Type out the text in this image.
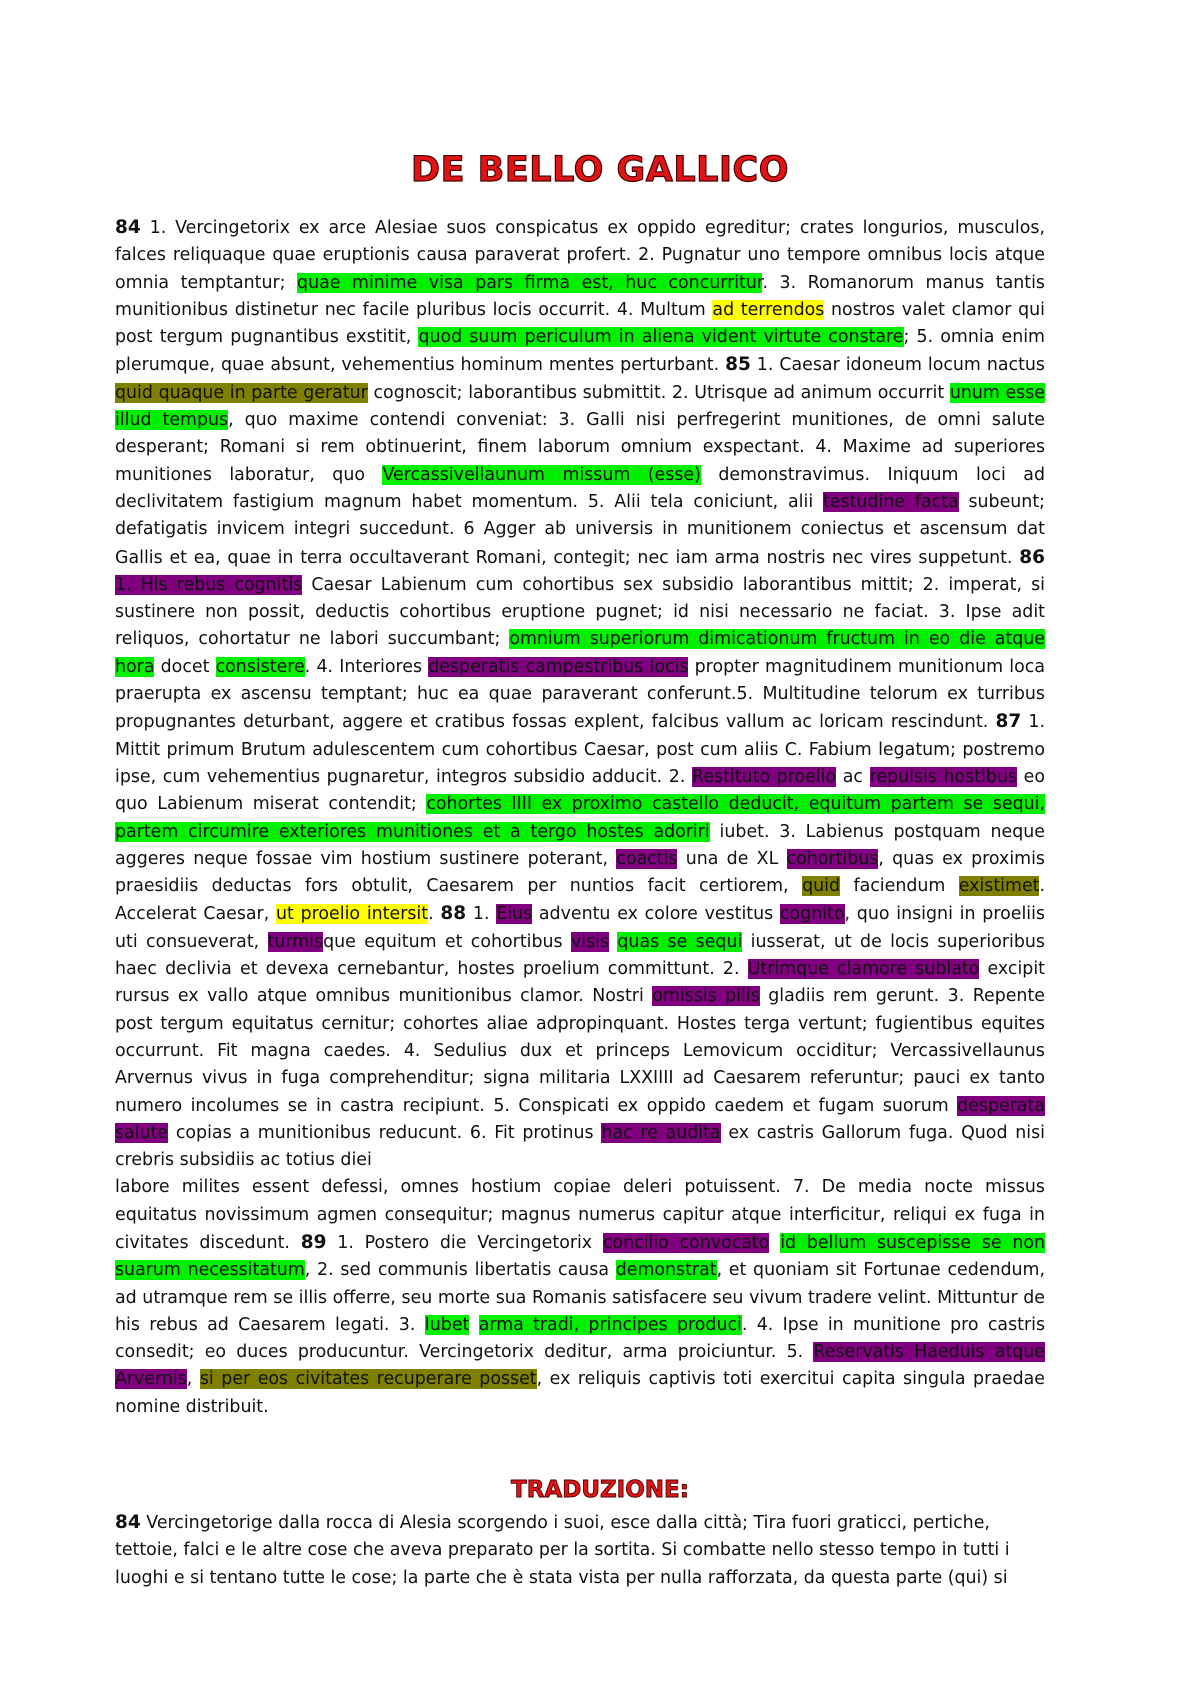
DE BELLO GALLICO

84 1. Vercingetorix ex arce Alesiae suos conspicatus ex oppido egreditur; crates longurios, musculos, falces reliquaque quae eruptionis causa paraverat profert. 2. Pugnatur uno tempore omnibus locis atque omnia temptantur; quae minime visa pars firma est, huc concurritur. 3. Romanorum manus tantis munitionibus distinetur nec facile pluribus locis occurrit. 4. Multum ad terrendos nostros valet clamor qui post tergum pugnantibus exstitit, quod suum periculum in aliena vident virtute constare; 5. omnia enim plerumque, quae absunt, vehementius hominum mentes perturbant. 85 1. Caesar idoneum locum nactus quid quaque in parte geratur cognoscit; laborantibus submittit. 2. Utrisque ad animum occurrit unum esse illud tempus, quo maxime contendi conveniat: 3. Galli nisi perfregerint munitiones, de omni salute desperant; Romani si rem obtinuerint, finem laborum omnium exspectant. 4. Maxime ad superiores munitiones laboratur, quo Vercassivellaunum missum (esse) demonstravimus. Iniquum loci ad declivitatem fastigium magnum habet momentum. 5. Alii tela coniciunt, alii testudine facta subeunt; defatigatis invicem integri succedunt. 6 Agger ab universis in munitionem coniectus et ascensum dat Gallis et ea, quae in terra occultaverant Romani, contegit; nec iam arma nostris nec vires suppetunt. 86 1. His rebus cognitis Caesar Labienum cum cohortibus sex subsidio laborantibus mittit; 2. imperat, si sustinere non possit, deductis cohortibus eruptione pugnet; id nisi necessario ne faciat. 3. Ipse adit reliquos, cohortatur ne labori succumbant; omnium superiorum dimicationum fructum in eo die atque hora docet consistere. 4. Interiores desperatis campestribus locis propter magnitudinem munitionum loca praerupta ex ascensu temptant; huc ea quae paraverant conferunt.5. Multitudine telorum ex turribus propugnantes deturbant, aggere et cratibus fossas explent, falcibus vallum ac loricam rescindunt. 87 1. Mittit primum Brutum adulescentem cum cohortibus Caesar, post cum aliis C. Fabium legatum; postremo ipse, cum vehementius pugnaretur, integros subsidio adducit. 2. Restituto proelio ac repulsis hostibus eo quo Labienum miserat contendit; cohortes IIII ex proximo castello deducit, equitum partem se sequi, partem circumire exteriores munitiones et a tergo hostes adoriri iubet. 3. Labienus postquam neque aggeres neque fossae vim hostium sustinere poterant, coactis una de XL cohortibus, quas ex proximis praesidiis deductas fors obtulit, Caesarem per nuntios facit certiorem, quid faciendum existimet. Accelerat Caesar, ut proelio intersit. 88 1. Eius adventu ex colore vestitus cognito, quo insigni in proeliis uti consueverat, turmisque equitum et cohortibus visis quas se sequi iusserat, ut de locis superioribus haec declivia et devexa cernebantur, hostes proelium committunt. 2. Utrimque clamore sublato excipit rursus ex vallo atque omnibus munitionibus clamor. Nostri omissis pilis gladiis rem gerunt. 3. Repente post tergum equitatus cernitur; cohortes aliae adpropinquant. Hostes terga vertunt; fugientibus equites occurrunt. Fit magna caedes. 4. Sedulius dux et princeps Lemovicum occiditur; Vercassivellaunus Arvernus vivus in fuga comprehenditur; signa militaria LXXIIII ad Caesarem referuntur; pauci ex tanto numero incolumes se in castra recipiunt. 5. Conspicati ex oppido caedem et fugam suorum desperata salute copias a munitionibus reducunt. 6. Fit protinus hac re audita ex castris Gallorum fuga. Quod nisi crebris subsidiis ac totius diei
labore milites essent defessi, omnes hostium copiae deleri potuissent. 7. De media nocte missus equitatus novissimum agmen consequitur; magnus numerus capitur atque interficitur, reliqui ex fuga in civitates discedunt. 89 1. Postero die Vercingetorix concilio convocato id bellum suscepisse se non suarum necessitatum, 2. sed communis libertatis causa demonstrat, et quoniam sit Fortunae cedendum, ad utramque rem se illis offerre, seu morte sua Romanis satisfacere seu vivum tradere velint. Mittuntur de his rebus ad Caesarem legati. 3. Iubet arma tradi, principes produci. 4. Ipse in munitione pro castris consedit; eo duces producuntur. Vercingetorix deditur, arma proiciuntur. 5. Reservatis Haeduis atque Arvernis, si per eos civitates recuperare posset, ex reliquis captivis toti exercitui capita singula praedae nomine distribuit.

TRADUZIONE:

84 Vercingetorige dalla rocca di Alesia scorgendo i suoi, esce dalla città; Tira fuori graticci, pertiche, tettoie, falci e le altre cose che aveva preparato per la sortita. Si combatte nello stesso tempo in tutti i luoghi e si tentano tutte le cose; la parte che è stata vista per nulla rafforzata, da questa parte (qui) si
